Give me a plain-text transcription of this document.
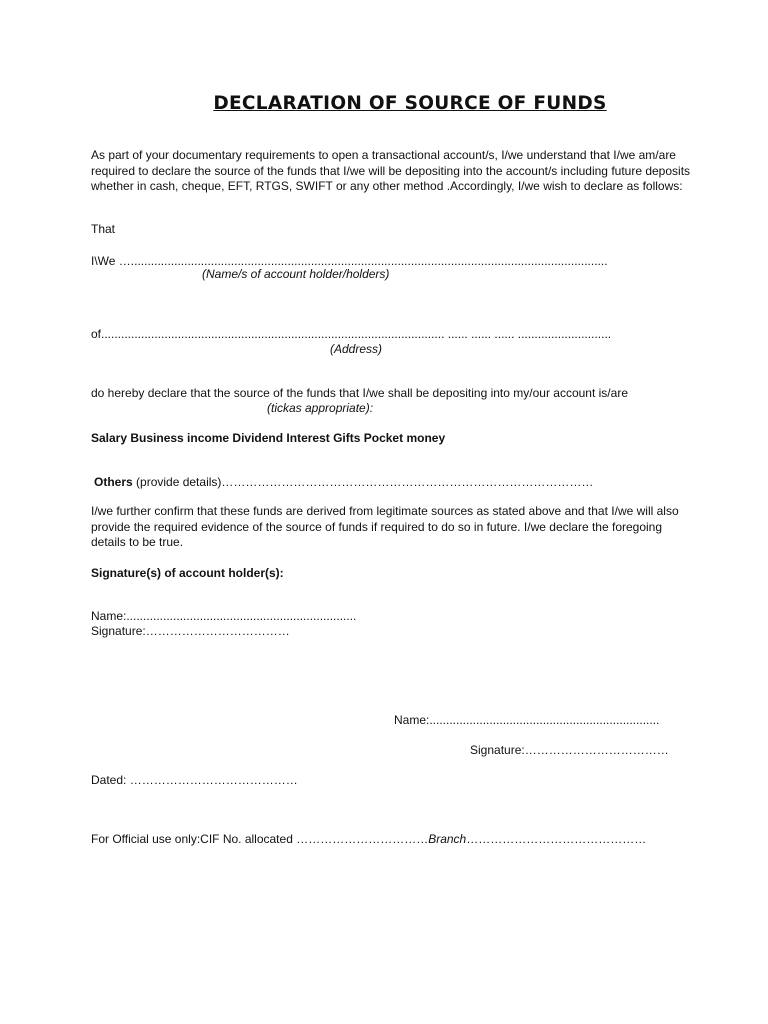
DECLARATION OF SOURCE OF FUNDS
As part of your documentary requirements to open a transactional account/s, I/we understand that I/we am/are required to declare the source of the funds that I/we will be depositing into the account/s including future deposits whether in cash, cheque, EFT, RTGS, SWIFT or any other method .Accordingly, I/we wish to declare as follows:
That
I\We …...............................................................................................................................................
(Name/s of account holder/holders)
of....................................................................................................... ...... ...... ...... ............................
(Address)
do hereby declare that the source of the funds that I/we shall be depositing into my/our account is/are
(tickas appropriate):
Salary Business income Dividend Interest Gifts Pocket money
Others (provide details)…………………………………………………………………………………
I/we further confirm that these funds are derived from legitimate sources as stated above and that I/we will also provide the required evidence of the source of funds if required to do so in future. I/we declare the foregoing details to be true.
Signature(s) of account holder(s):
Name:.....................................................................
Signature:………………………………
Name:.....................................................................
Signature:………………………………
Dated: ……………………………………
For Official use only:CIF No. allocated ……………………………Branch………………………………………
